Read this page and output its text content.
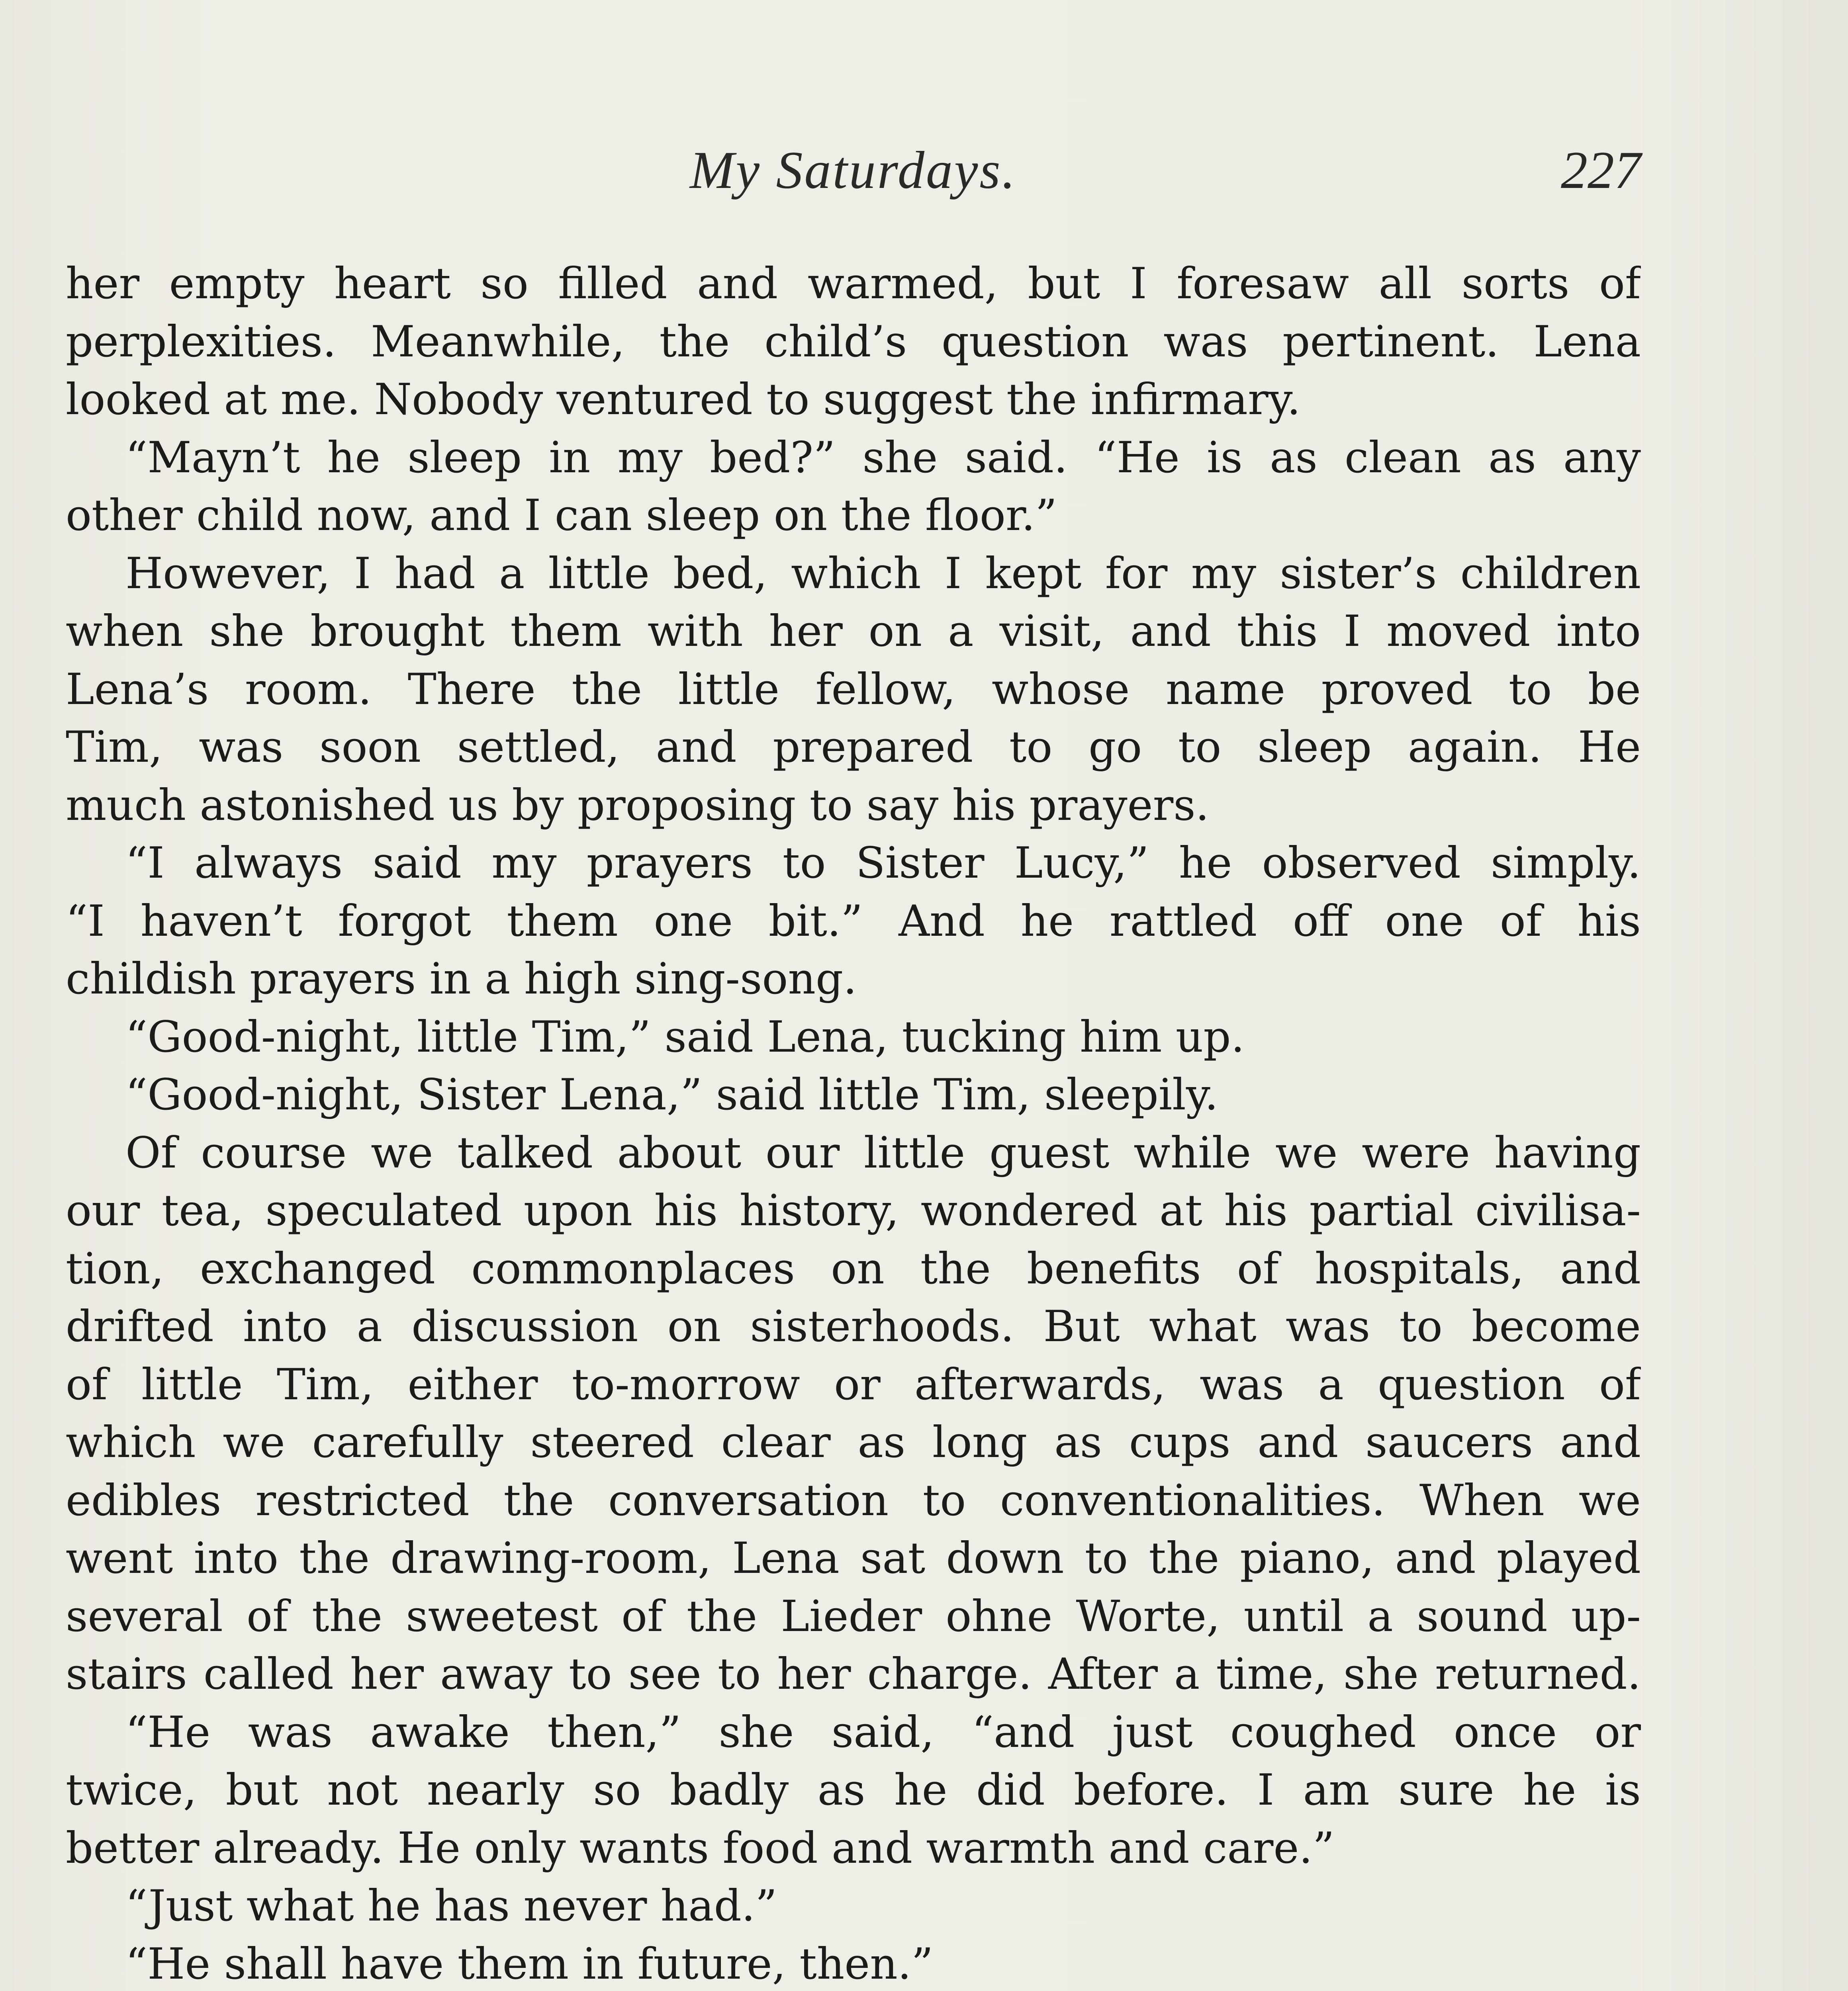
My Saturdays.	227
her empty heart so filled and warmed, but I foresaw all sorts of
perplexities. Meanwhile, the child’s question was pertinent. Lena
looked at me. Nobody ventured to suggest the infirmary.
“Mayn’t he sleep in my bed?” she said. “He is as clean as any
other child now, and I can sleep on the floor.”
However, I had a little bed, which I kept for my sister’s children
when she brought them with her on a visit, and this I moved into
Lena’s room. There the little fellow, whose name proved to be
Tim, was soon settled, and prepared to go to sleep again. He
much astonished us by proposing to say his prayers.
“I always said my prayers to Sister Lucy,” he observed simply.
“I haven’t forgot them one bit.” And he rattled off one of his
childish prayers in a high sing-song.
“Good-night, little Tim,” said Lena, tucking him up.
“Good-night, Sister Lena,” said little Tim, sleepily.
Of course we talked about our little guest while we were having
our tea, speculated upon his history, wondered at his partial civilisa-
tion, exchanged commonplaces on the benefits of hospitals, and
drifted into a discussion on sisterhoods. But what was to become
of little Tim, either to-morrow or afterwards, was a question of
which we carefully steered clear as long as cups and saucers and
edibles restricted the conversation to conventionalities. When we
went into the drawing-room, Lena sat down to the piano, and played
several of the sweetest of the Lieder ohne Worte, until a sound up-
stairs called her away to see to her charge. After a time, she returned.
“He was awake then,” she said, “and just coughed once or
twice, but not nearly so badly as he did before. I am sure he is
better already. He only wants food and warmth and care.”
“Just what he has never had.”
“He shall have them in future, then.”
